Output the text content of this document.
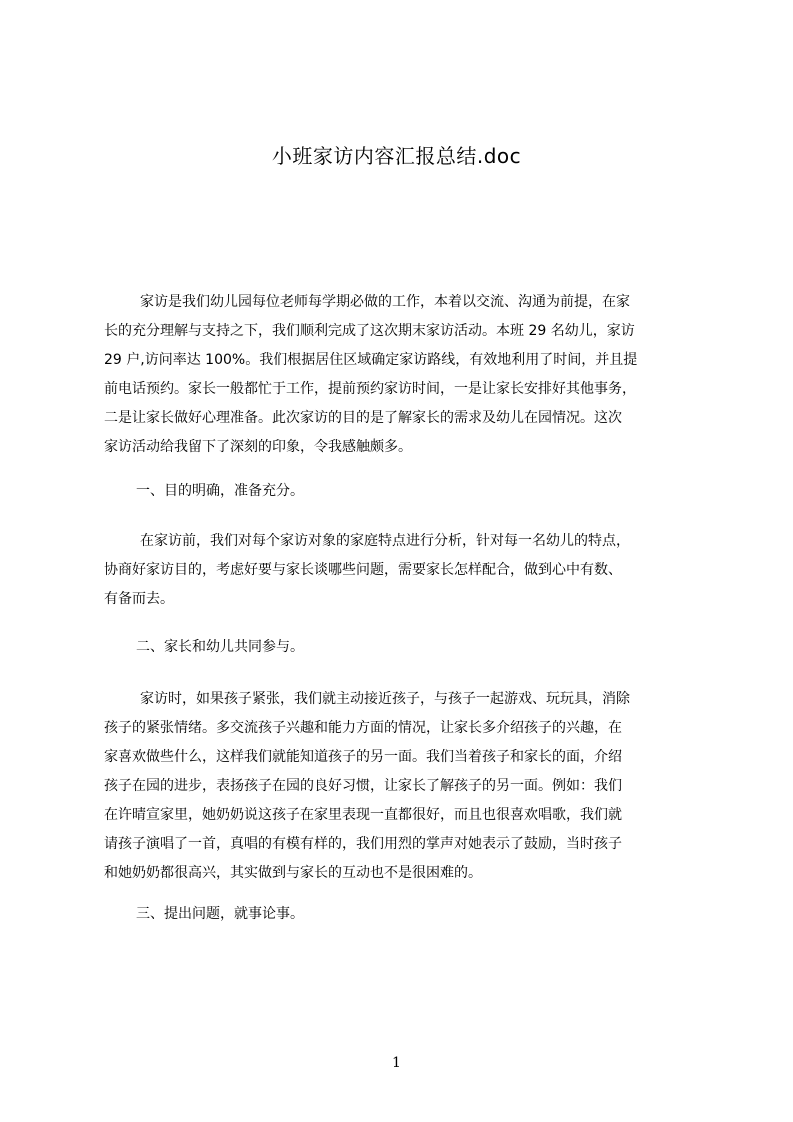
小班家访内容汇报总结.doc
家访是我们幼儿园每位老师每学期必做的工作，本着以交流、沟通为前提，在家
长的充分理解与支持之下，我们顺利完成了这次期末家访活动。本班 29 名幼儿，家访
29 户,访问率达 100%。我们根据居住区域确定家访路线，有效地利用了时间，并且提
前电话预约。家长一般都忙于工作，提前预约家访时间，一是让家长安排好其他事务，
二是让家长做好心理准备。此次家访的目的是了解家长的需求及幼儿在园情况。这次
家访活动给我留下了深刻的印象，令我感触颇多。
一、目的明确，准备充分。
在家访前，我们对每个家访对象的家庭特点进行分析，针对每一名幼儿的特点，
协商好家访目的，考虑好要与家长谈哪些问题，需要家长怎样配合，做到心中有数、
有备而去。
二、家长和幼儿共同参与。
家访时，如果孩子紧张，我们就主动接近孩子，与孩子一起游戏、玩玩具，消除
孩子的紧张情绪。多交流孩子兴趣和能力方面的情况，让家长多介绍孩子的兴趣，在
家喜欢做些什么，这样我们就能知道孩子的另一面。我们当着孩子和家长的面，介绍
孩子在园的进步，表扬孩子在园的良好习惯，让家长了解孩子的另一面。例如：我们
在许晴宣家里，她奶奶说这孩子在家里表现一直都很好，而且也很喜欢唱歌，我们就
请孩子演唱了一首，真唱的有模有样的，我们用烈的掌声对她表示了鼓励，当时孩子
和她奶奶都很高兴，其实做到与家长的互动也不是很困难的。
三、提出问题，就事论事。
1
